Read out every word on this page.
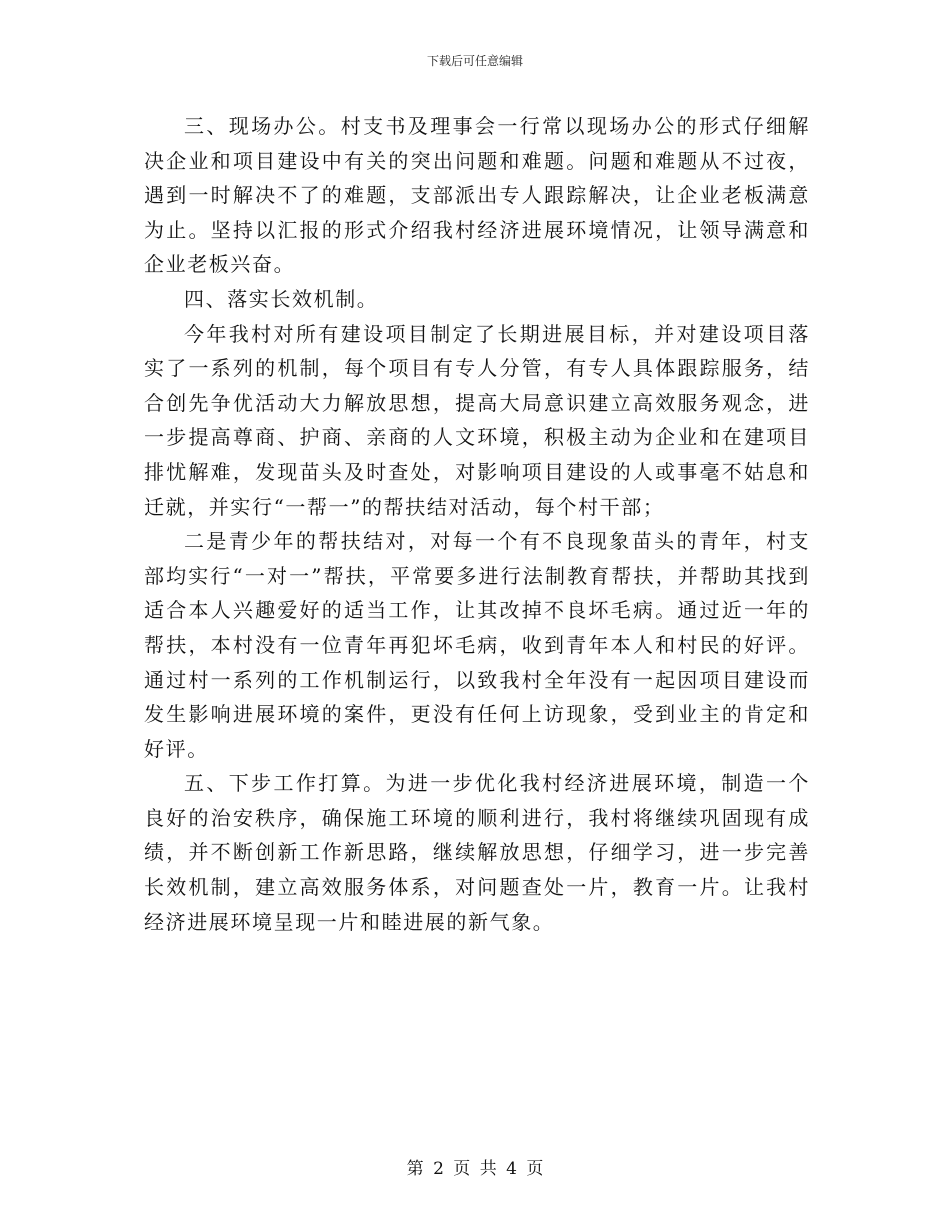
下载后可任意编辑

三、现场办公。村支书及理事会一行常以现场办公的形式仔细解决企业和项目建设中有关的突出问题和难题。问题和难题从不过夜，遇到一时解决不了的难题，支部派出专人跟踪解决，让企业老板满意为止。坚持以汇报的形式介绍我村经济进展环境情况，让领导满意和企业老板兴奋。

四、落实长效机制。

今年我村对所有建设项目制定了长期进展目标，并对建设项目落实了一系列的机制，每个项目有专人分管，有专人具体跟踪服务，结合创先争优活动大力解放思想，提高大局意识建立高效服务观念，进一步提高尊商、护商、亲商的人文环境，积极主动为企业和在建项目排忧解难，发现苗头及时查处，对影响项目建设的人或事毫不姑息和迁就，并实行“一帮一”的帮扶结对活动，每个村干部；

二是青少年的帮扶结对，对每一个有不良现象苗头的青年，村支部均实行“一对一”帮扶，平常要多进行法制教育帮扶，并帮助其找到适合本人兴趣爱好的适当工作，让其改掉不良坏毛病。通过近一年的帮扶，本村没有一位青年再犯坏毛病，收到青年本人和村民的好评。通过村一系列的工作机制运行，以致我村全年没有一起因项目建设而发生影响进展环境的案件，更没有任何上访现象，受到业主的肯定和好评。

五、下步工作打算。为进一步优化我村经济进展环境，制造一个良好的治安秩序，确保施工环境的顺利进行，我村将继续巩固现有成绩，并不断创新工作新思路，继续解放思想，仔细学习，进一步完善长效机制，建立高效服务体系，对问题查处一片，教育一片。让我村经济进展环境呈现一片和睦进展的新气象。

第 2 页 共 4 页
